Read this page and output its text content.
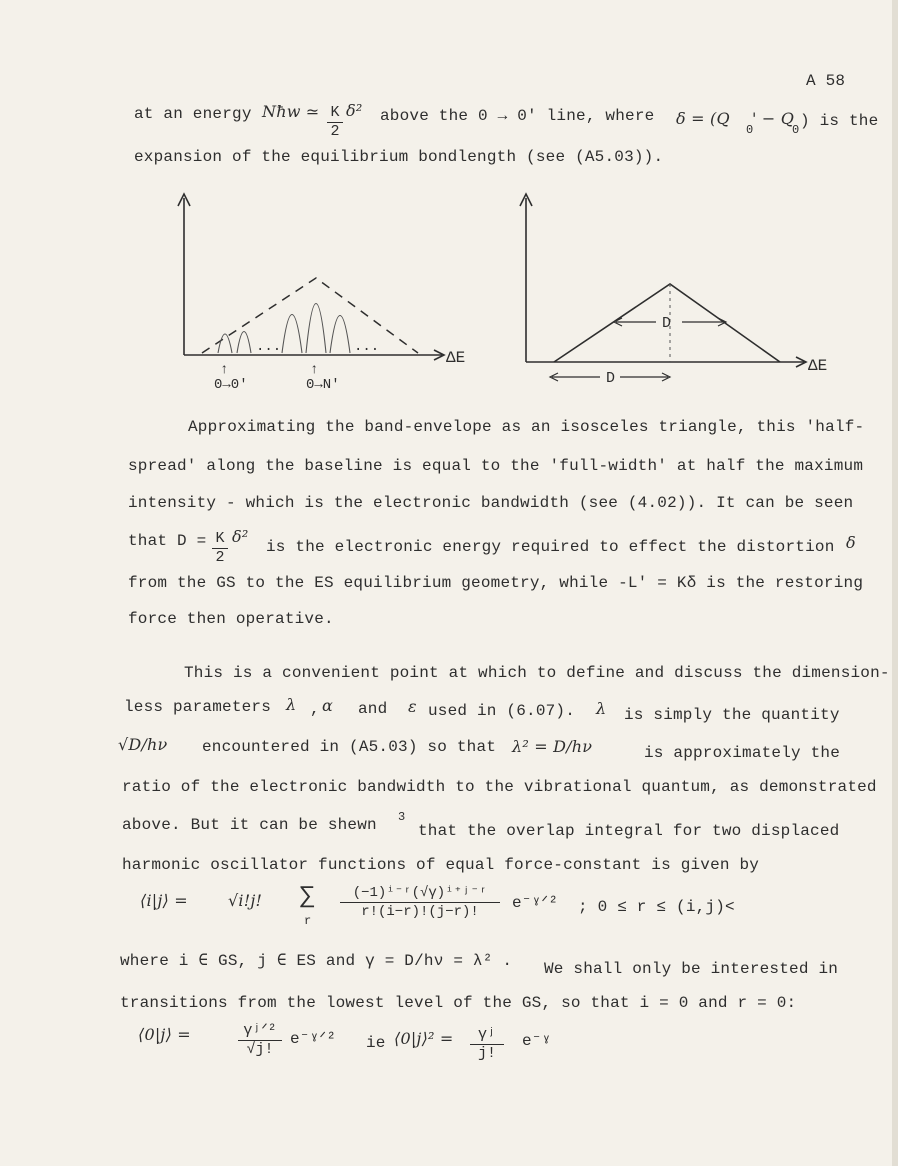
A 58
at an energy Nħw ≃ $\frac{K}{2} \delta^2$ above the 0 → 0' line, where δ = (Q
0
' − Q
0 ) is the
expansion of the equilibrium bondlength (see (A5.03)).
ΔE
...	...
↑	↑
0→0'	0→N'
ΔE
D
D
Approximating the band-envelope as an isosceles triangle, this 'half-
spread' along the baseline is equal to the 'full-width' at half the maximum
intensity - which is the electronic bandwidth (see (4.02)). It can be seen
that $D = \frac{K}{2} \delta^2$
is the electronic energy required to effect the distortion δ
from the GS to the ES equilibrium geometry, while -L' = Kδ is the restoring
force then operative.
This is a convenient point at which to define and discuss the dimension-
less parameters λ , α and ε used in (6.07). λ is simply the quantity
√D/hν encountered in (A5.03) so that λ² = D/hν	is approximately the
ratio of the electronic bandwidth to the vibrational quantum, as demonstrated
above. But it can be shewn 3
that the overlap integral for two displaced
harmonic oscillator functions of equal force-constant is given by
⟨i|j⟩ =	√i!j! ∑
r $\frac{\text{(−1)ⁱ⁻ʳ(√γ)ⁱ⁺ʲ⁻ʳ}}{r!(i-r)!(j-r)!}$ e⁻ˠᐟ² ; 0 ≤ r ≤ (i,j)<
where i ∈ GS, j ∈ ES and γ = D/hν = λ² . We shall only be interested in
transitions from the lowest level of the GS, so that i = 0 and r = 0:
⟨0|j⟩ =	γʲᐟ²
√j!
e⁻ˠᐟ² ie ⟨0|j⟩² = $\frac{\text{γʲ}}{j!}$ e⁻ˠ
